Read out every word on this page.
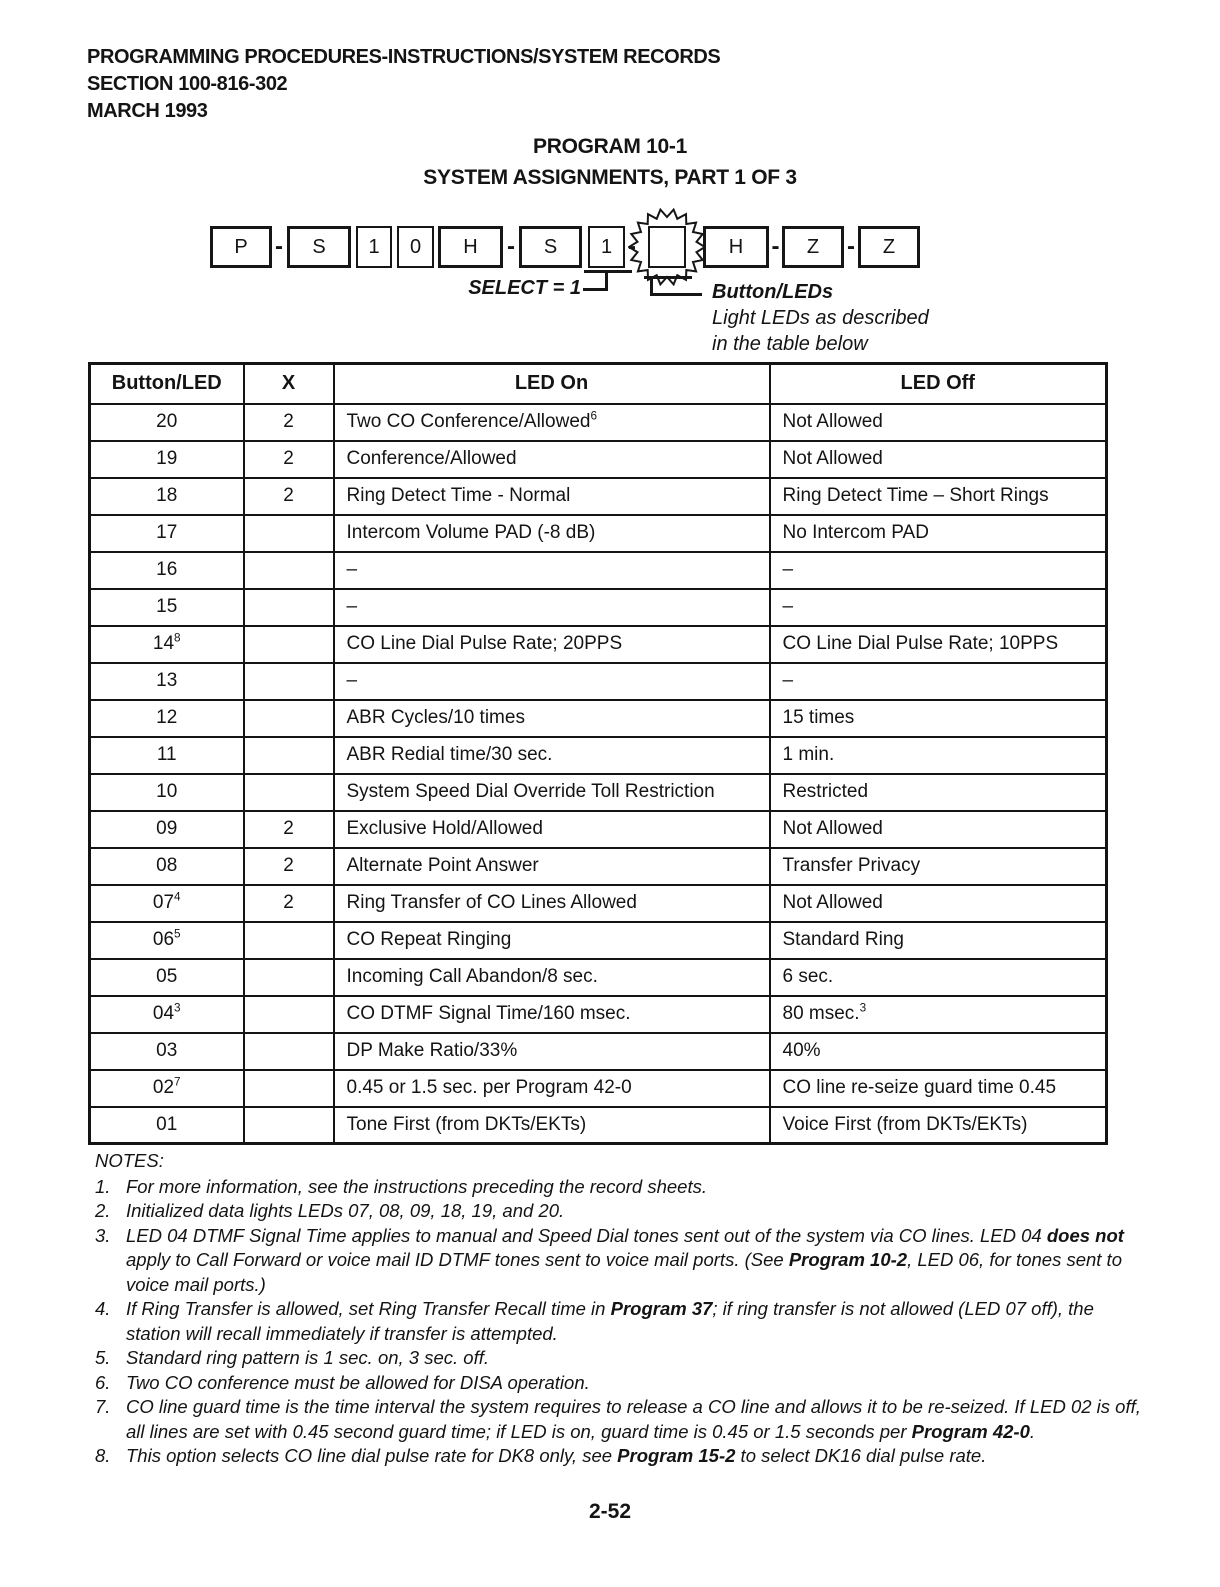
PROGRAMMING PROCEDURES-INSTRUCTIONS/SYSTEM RECORDS
SECTION 100-816-302
MARCH 1993
PROGRAM 10-1
SYSTEM ASSIGNMENTS, PART 1 OF 3
P	-	S	1	0	H	-	S	1 -	H	-	Z	-	Z
SELECT = 1	Button/LEDs
Light LEDs as described
in the table below
Button/LED	X	LED On	LED Off
20	2	Two CO Conference/Allowed$^6$	Not Allowed
19	2	Conference/Allowed	Not Allowed
18	2	Ring Detect Time - Normal	Ring Detect Time – Short Rings
17		Intercom Volume PAD (-8 dB)	No Intercom PAD
16		–	–
15		–	–
$14^8$		CO Line Dial Pulse Rate; 20PPS	CO Line Dial Pulse Rate; 10PPS
13		–	–
12		ABR Cycles/10 times	15 times
11		ABR Redial time/30 sec.	1 min.
10		System Speed Dial Override Toll Restriction	Restricted
09	2	Exclusive Hold/Allowed	Not Allowed
08	2	Alternate Point Answer	Transfer Privacy
$07^4$	2	Ring Transfer of CO Lines Allowed	Not Allowed
$06^5$		CO Repeat Ringing	Standard Ring
05		Incoming Call Abandon/8 sec.	6 sec.
$04^3$		CO DTMF Signal Time/160 msec.	80 msec.$^3$
03		DP Make Ratio/33%	40%
$02^7$		0.45 or 1.5 sec. per Program 42-0	CO line re-seize guard time 0.45
01		Tone First (from DKTs/EKTs)	Voice First (from DKTs/EKTs)
NOTES:
1. For more information, see the instructions preceding the record sheets.
2. Initialized data lights LEDs 07, 08, 09, 18, 19, and 20.
3. LED 04 DTMF Signal Time applies to manual and Speed Dial tones sent out of the system via CO lines. LED 04 does not apply to Call Forward or voice mail ID DTMF tones sent to voice mail ports. (See Program 10-2, LED 06, for tones sent to voice mail ports.)
4. If Ring Transfer is allowed, set Ring Transfer Recall time in Program 37; if ring transfer is not allowed (LED 07 off), the station will recall immediately if transfer is attempted.
5. Standard ring pattern is 1 sec. on, 3 sec. off.
6. Two CO conference must be allowed for DISA operation.
7. CO line guard time is the time interval the system requires to release a CO line and allows it to be re-seized. If LED 02 is off, all lines are set with 0.45 second guard time; if LED is on, guard time is 0.45 or 1.5 seconds per Program 42-0.
8. This option selects CO line dial pulse rate for DK8 only, see Program 15-2 to select DK16 dial pulse rate.
2-52
